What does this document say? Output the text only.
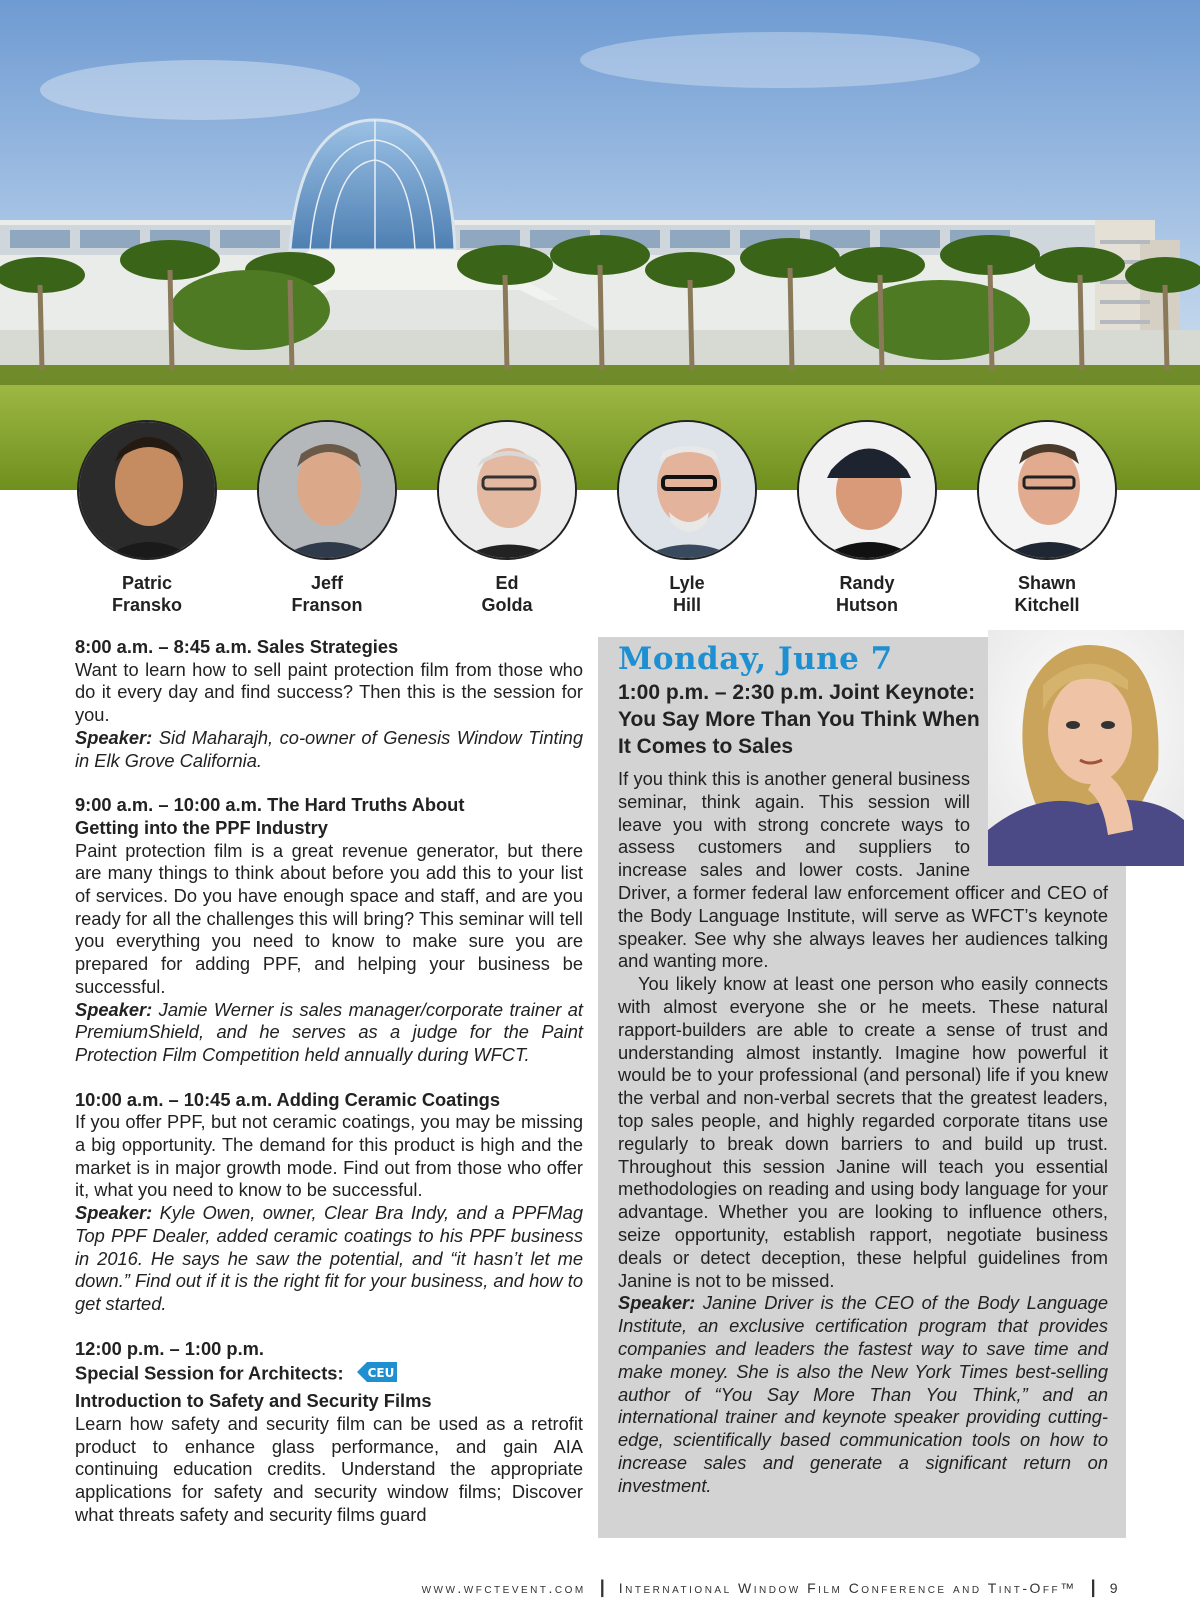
Patric
Fransko
Jeff
Franson
Ed
Golda
Lyle
Hill
Randy
Hutson
Shawn
Kitchell
8:00 a.m. – 8:45 a.m. Sales Strategies
Want to learn how to sell paint protection film from those who do it every day and find success? Then this is the session for you.
Speaker: Sid Maharajh, co-owner of Genesis Window Tinting in Elk Grove California.
9:00 a.m. – 10:00 a.m. The Hard Truths About Getting into the PPF Industry
Paint protection film is a great revenue generator, but there are many things to think about before you add this to your list of services. Do you have enough space and staff, and are you ready for all the challenges this will bring? This seminar will tell you everything you need to know to make sure you are prepared for adding PPF, and helping your business be successful.
Speaker: Jamie Werner is sales manager/corporate trainer at PremiumShield, and he serves as a judge for the Paint Protection Film Competition held annually during WFCT.
10:00 a.m. – 10:45 a.m. Adding Ceramic Coatings
If you offer PPF, but not ceramic coatings, you may be missing a big opportunity. The demand for this product is high and the market is in major growth mode. Find out from those who offer it, what you need to know to be successful.
Speaker: Kyle Owen, owner, Clear Bra Indy, and a PPFMag Top PPF Dealer, added ceramic coatings to his PPF business in 2016. He says he saw the potential, and “it hasn’t let me down.” Find out if it is the right fit for your business, and how to get started.
12:00 p.m. – 1:00 p.m.
Special Session for Architects: CEU
Introduction to Safety and Security Films
Learn how safety and security film can be used as a retrofit product to enhance glass performance, and gain AIA continuing education credits. Understand the appropriate applications for safety and security window films; Discover what threats safety and security films guard
Monday, June 7
1:00 p.m. – 2:30 p.m. Joint Keynote: You Say More Than You Think When It Comes to Sales
If you think this is another general business seminar, think again. This session will leave you with strong concrete ways to assess customers and suppliers to increase sales and lower costs. Janine Driver, a former federal law enforcement officer and CEO of the Body Language Institute, will serve as WFCT’s keynote speaker. See why she always leaves her audiences talking and wanting more.
You likely know at least one person who easily connects with almost everyone she or he meets. These natural rapport-builders are able to create a sense of trust and understanding almost instantly. Imagine how powerful it would be to your professional (and personal) life if you knew the verbal and non-verbal secrets that the greatest leaders, top sales people, and highly regarded corporate titans use regularly to break down barriers to and build up trust. Throughout this session Janine will teach you essential methodologies on reading and using body language for your advantage. Whether you are looking to influence others, seize opportunity, establish rapport, negotiate business deals or detect deception, these helpful guidelines from Janine is not to be missed.
Speaker: Janine Driver is the CEO of the Body Language Institute, an exclusive certification program that provides companies and leaders the fastest way to save time and make money. She is also the New York Times best-selling author of “You Say More Than You Think,” and an international trainer and keynote speaker providing cutting-edge, scientifically based communication tools on how to increase sales and generate a significant return on investment.
www.wfctevent.com | International Window Film Conference and Tint-Off™ | 9
